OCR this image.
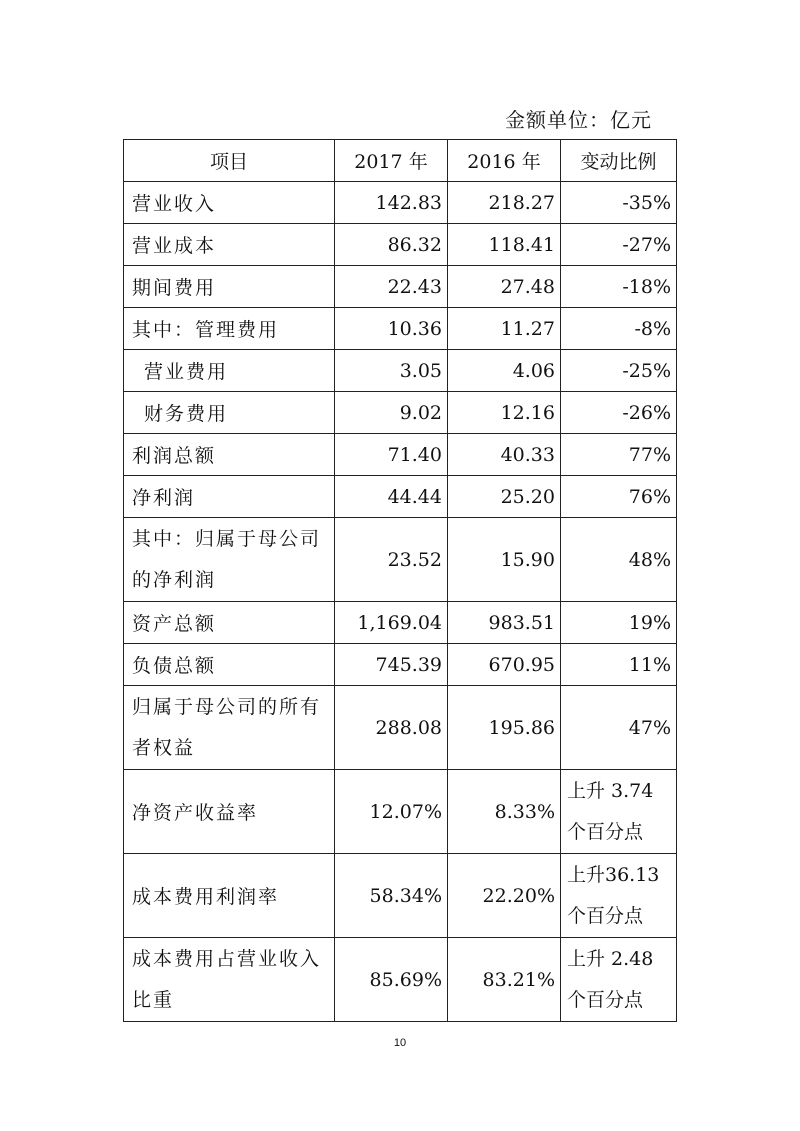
金额单位：亿元
项目	2017 年	2016 年	变动比例
营业收入	142.83	218.27	-35%
营业成本	86.32	118.41	-27%
期间费用	22.43	27.48	-18%
其中：管理费用	10.36	11.27	-8%
营业费用	3.05	4.06	-25%
财务费用	9.02	12.16	-26%
利润总额	71.40	40.33	77%
净利润	44.44	25.20	76%
其中：归属于母公司的净利润	23.52	15.90	48%
资产总额	1,169.04	983.51	19%
负债总额	745.39	670.95	11%
归属于母公司的所有者权益	288.08	195.86	47%
净资产收益率	12.07%	8.33%	上升 3.74 个百分点
成本费用利润率	58.34%	22.20%	上升36.13 个百分点
成本费用占营业收入比重	85.69%	83.21%	上升 2.48 个百分点
10
